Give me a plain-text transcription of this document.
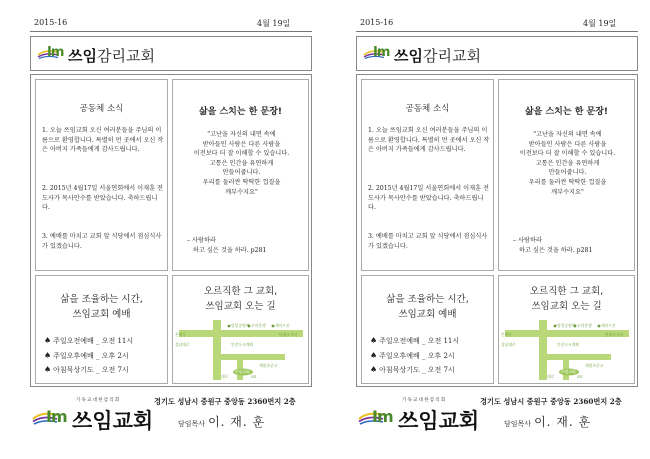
2015-16	4월 19일
Im 쓰임감리교회
공동체 소식
1. 오늘 쓰임교회 오신 여러분들을 주님의 이름으로 환영합니다. 특별히 먼 곳에서 오신 작은 아버지 가족들에게 감사드립니다.
2. 2015년 4월17일 서울연회에서 이재훈 전도사가 목사안수를 받았습니다. 축하드립니다.
3. 예배를 마치고 교회 앞 식당에서 점심식사가 있겠습니다.
삶을 스치는 한 문장!
"고난을 자신의 내면 속에
받아들인 사람은 다른 사람을
이전보다 더 잘 이해할 수 있습니다.
고통은 인간을 유연하게
만들어줍니다.
우리를 둘러싼 딱딱한 껍질을
깨부수지요"
– 사람하라
하고 싶은 것을 하라. p281
삶을 조율하는 시간,
쓰임교회 예배
♠ 주일오전예배 _ 오전 11시
♠ 주일오후예배 _ 오후 2시
♠ 아침묵상기도 _ 오전 7시
오르직한 그 교회,
쓰임교회 오는 길
은행동
빙앙공원역 우의은행 세이프존
단대오거리
성남대로	인건도시계획
세원초중고
쓰임교회
GS
대로
기독교대한감리회
Im 쓰임교회
경기도 성남시 중원구 중앙동 2360번지 2층
담임목사 이. 재. 훈
2015-16	4월 19일
Im 쓰임감리교회
공동체 소식
1. 오늘 쓰임교회 오신 여러분들을 주님의 이름으로 환영합니다. 특별히 먼 곳에서 오신 작은 아버지 가족들에게 감사드립니다.
2. 2015년 4월17일 서울연회에서 이재훈 전도사가 목사안수를 받았습니다. 축하드립니다.
3. 예배를 마치고 교회 앞 식당에서 점심식사가 있겠습니다.
삶을 스치는 한 문장!
"고난을 자신의 내면 속에
받아들인 사람은 다른 사람을
이전보다 더 잘 이해할 수 있습니다.
고통은 인간을 유연하게
만들어줍니다.
우리를 둘러싼 딱딱한 껍질을
깨부수지요"
– 사람하라
하고 싶은 것을 하라. p281
삶을 조율하는 시간,
쓰임교회 예배
♠ 주일오전예배 _ 오전 11시
♠ 주일오후예배 _ 오후 2시
♠ 아침묵상기도 _ 오전 7시
오르직한 그 교회,
쓰임교회 오는 길
은행동
빙앙공원역 우의은행 세이프존
단대오거리
성남대로	인건도시계획
세원초중고
쓰임교회
GS
대로
기독교대한감리회
Im 쓰임교회
경기도 성남시 중원구 중앙동 2360번지 2층
담임목사 이. 재. 훈
